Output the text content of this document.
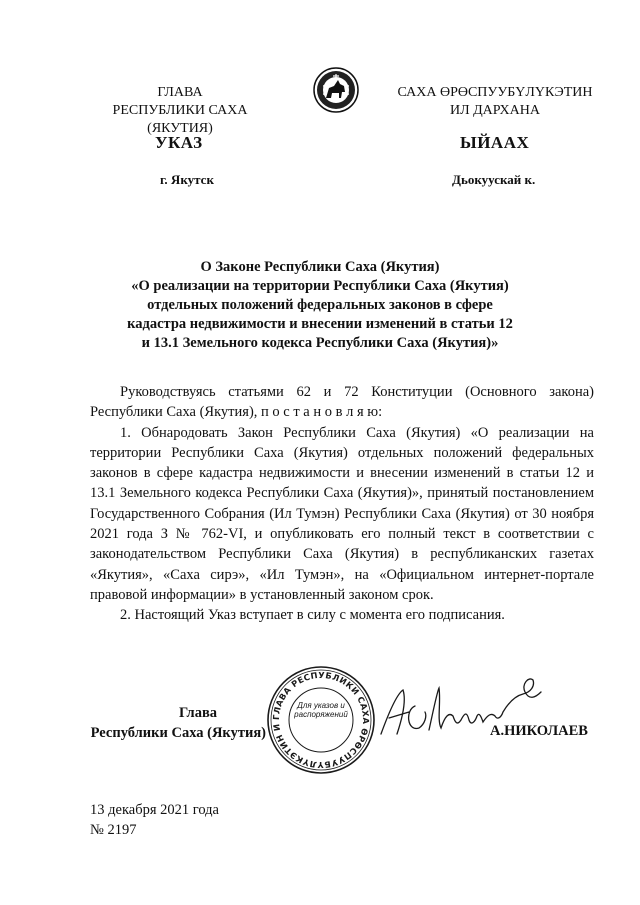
ГЛАВА
РЕСПУБЛИКИ САХА (ЯКУТИЯ)
САХА ӨРӨСПУУБҮЛҮКЭТИН
ИЛ ДАРХАНА
УКАЗ	ЫЙААХ
г. Якутск	Дьокуускай к.
О Законе Республики Саха (Якутия)
«О реализации на территории Республики Саха (Якутия)
отдельных положений федеральных законов в сфере
кадастра недвижимости и внесении изменений в статьи 12
и 13.1 Земельного кодекса Республики Саха (Якутия)»

Руководствуясь статьями 62 и 72 Конституции (Основного закона) Республики Саха (Якутия), п о с т а н о в л я ю:

1. Обнародовать Закон Республики Саха (Якутия) «О реализации на территории Республики Саха (Якутия) отдельных положений федеральных законов в сфере кадастра недвижимости и внесении изменений в статьи 12 и 13.1 Земельного кодекса Республики Саха (Якутия)», принятый постановлением Государственного Собрания (Ил Тумэн) Республики Саха (Якутия) от 30 ноября 2021 года З № 762-VI, и опубликовать его полный текст в соответствии с законодательством Республики Саха (Якутия) в республиканских газетах «Якутия», «Саха сирэ», «Ил Тумэн», на «Официальном интернет-портале правовой информации» в установленный законом срок.

2. Настоящий Указ вступает в силу с момента его подписания.

Глава
Республики Саха (Якутия)
ГЛАВА РЕСПУБЛИКИ САХА ӨРӨСПУУБҮЛҮКЭТИН И
Для указов и распоряжений
А.НИКОЛАЕВ
13 декабря 2021 года
№ 2197
